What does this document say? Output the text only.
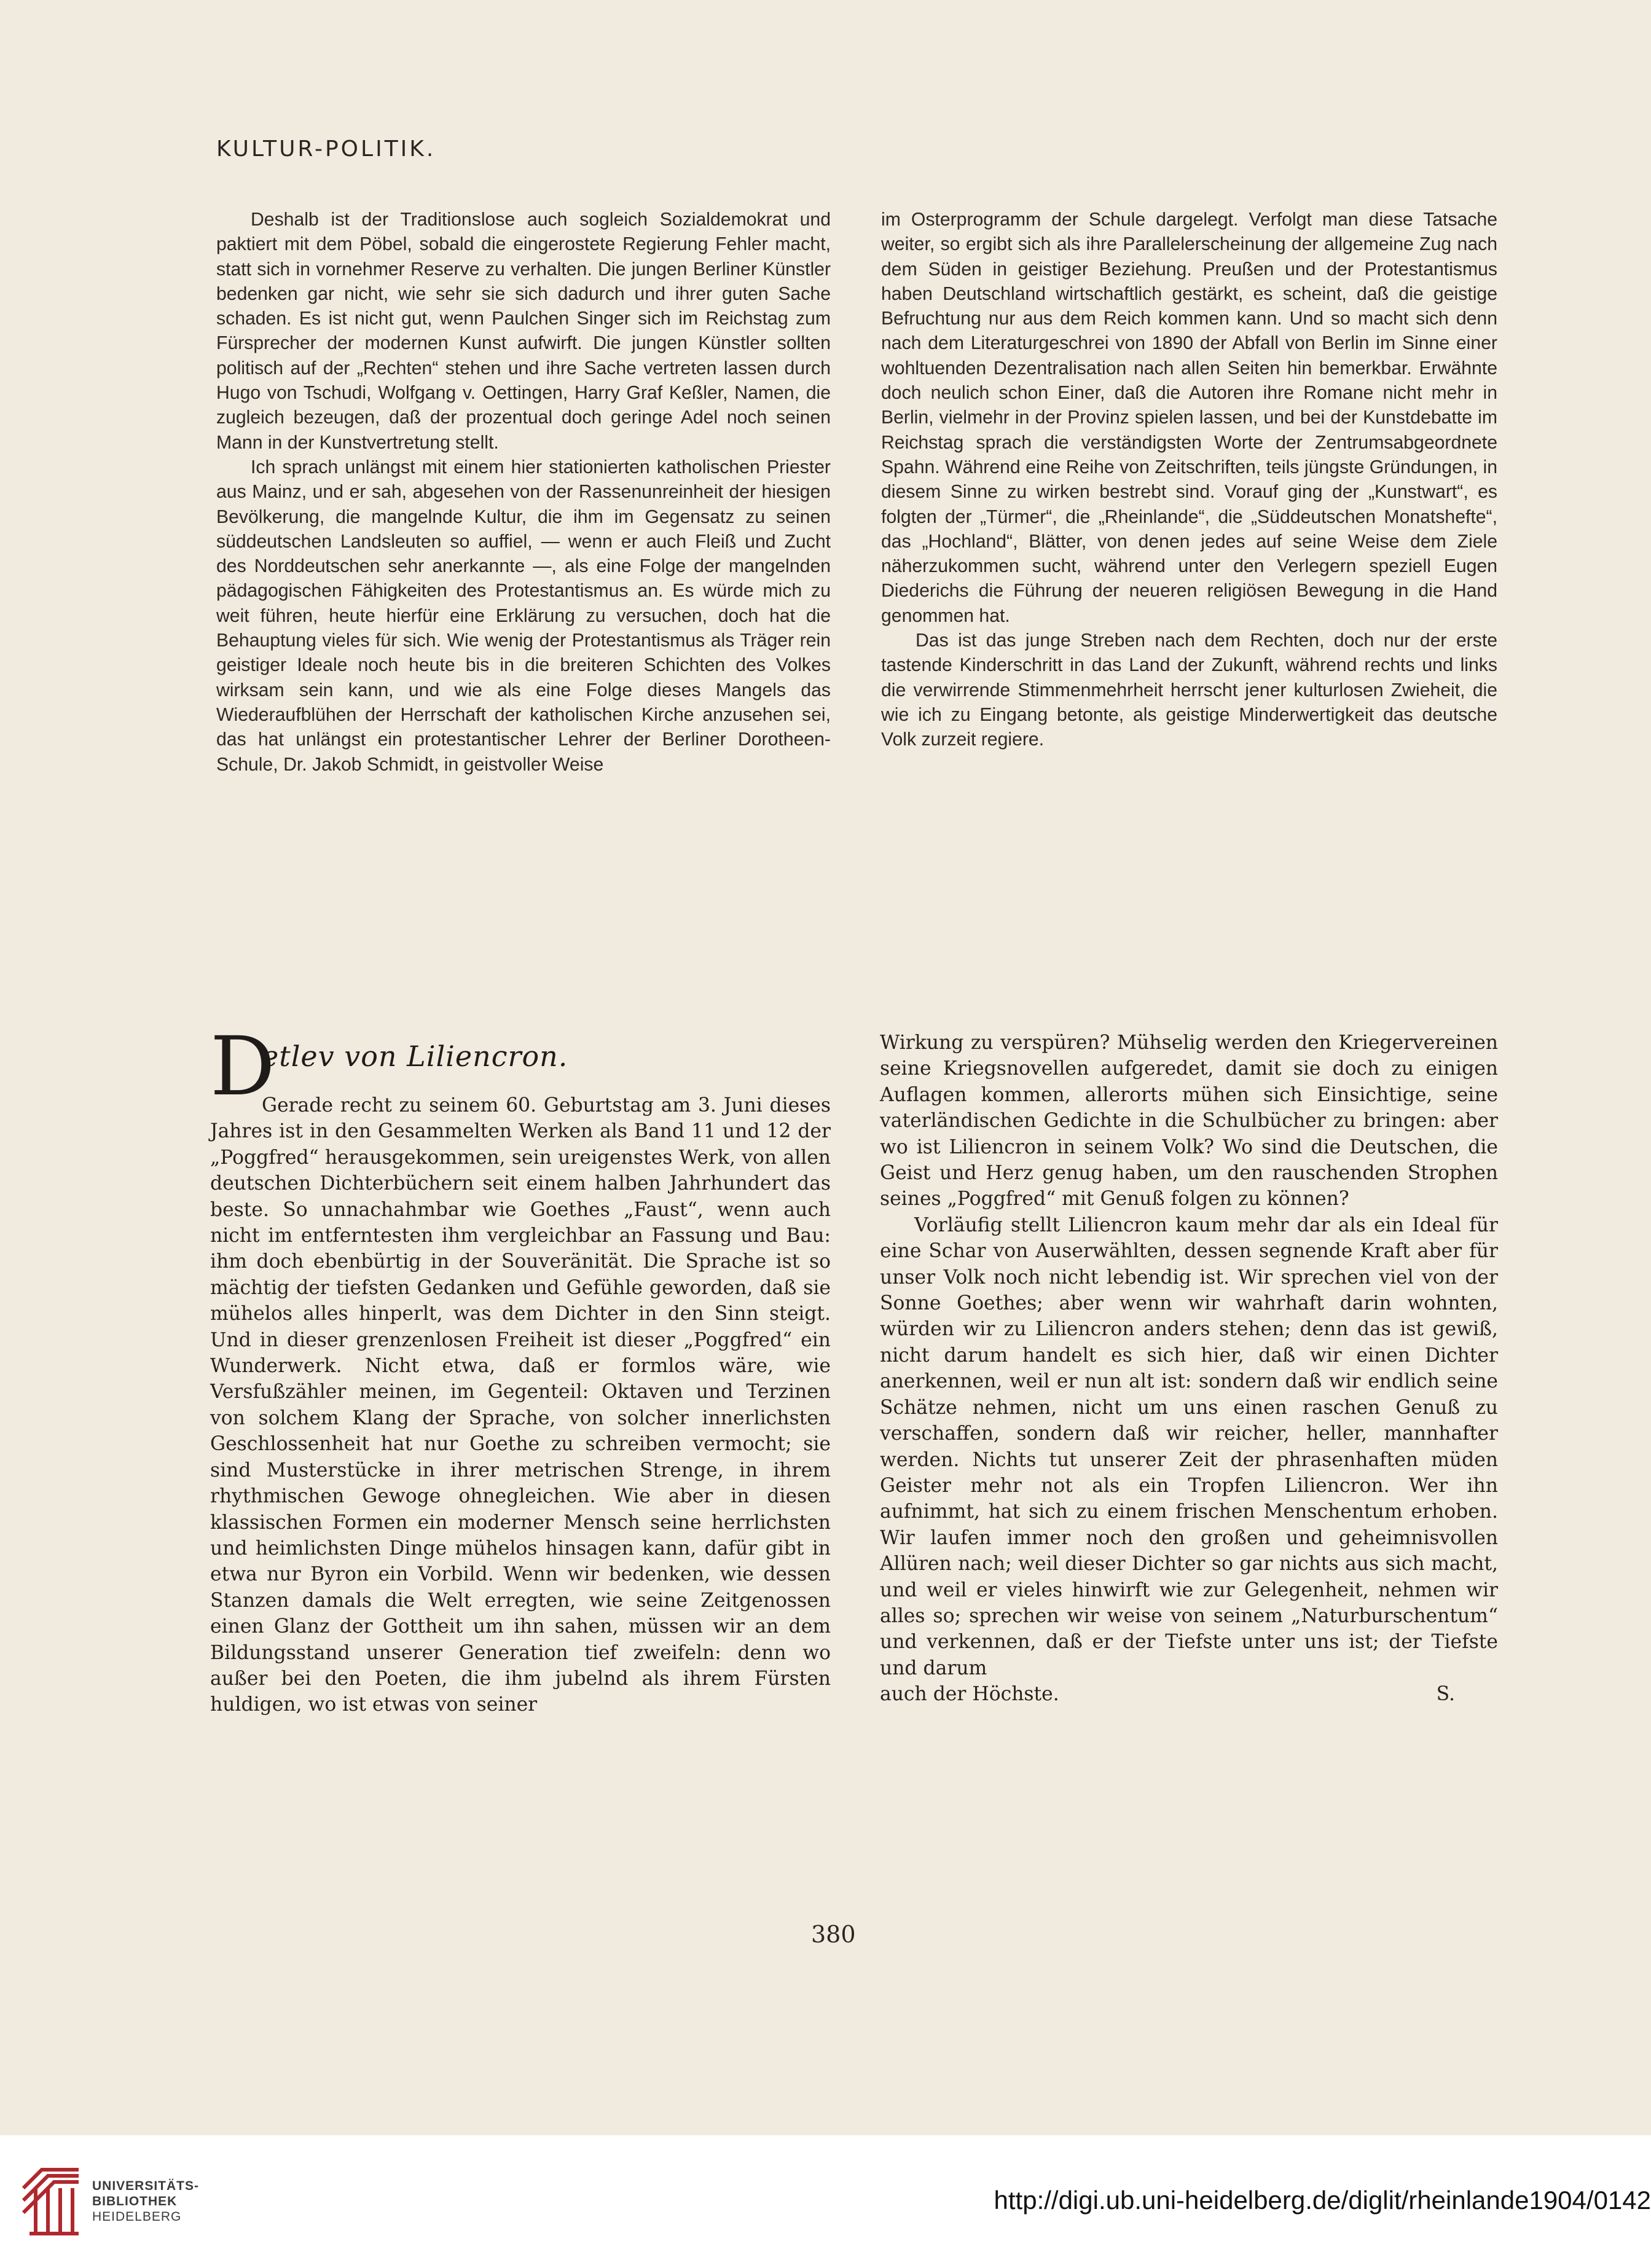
KULTUR-POLITIK.

Deshalb ist der Traditionslose auch sogleich Sozialdemokrat und paktiert mit dem Pöbel, sobald die eingerostete Regierung Fehler macht, statt sich in vornehmer Reserve zu verhalten. Die jungen Berliner Künstler bedenken gar nicht, wie sehr sie sich dadurch und ihrer guten Sache schaden. Es ist nicht gut, wenn Paulchen Singer sich im Reichstag zum Fürsprecher der modernen Kunst aufwirft. Die jungen Künstler sollten politisch auf der „Rechten“ stehen und ihre Sache vertreten lassen durch Hugo von Tschudi, Wolfgang v. Oettingen, Harry Graf Keßler, Namen, die zugleich bezeugen, daß der prozentual doch geringe Adel noch seinen Mann in der Kunstvertretung stellt.

Ich sprach unlängst mit einem hier stationierten katholischen Priester aus Mainz, und er sah, abgesehen von der Rassenunreinheit der hiesigen Bevölkerung, die mangelnde Kultur, die ihm im Gegensatz zu seinen süddeutschen Landsleuten so auffiel, — wenn er auch Fleiß und Zucht des Norddeutschen sehr anerkannte —, als eine Folge der mangelnden pädagogischen Fähigkeiten des Protestantismus an. Es würde mich zu weit führen, heute hierfür eine Erklärung zu versuchen, doch hat die Behauptung vieles für sich. Wie wenig der Protestantismus als Träger rein geistiger Ideale noch heute bis in die breiteren Schichten des Volkes wirksam sein kann, und wie als eine Folge dieses Mangels das Wiederaufblühen der Herrschaft der katholischen Kirche anzusehen sei, das hat unlängst ein protestantischer Lehrer der Berliner Dorotheen-Schule, Dr. Jakob Schmidt, in geistvoller Weise

im Osterprogramm der Schule dargelegt. Verfolgt man diese Tatsache weiter, so ergibt sich als ihre Parallelerscheinung der allgemeine Zug nach dem Süden in geistiger Beziehung. Preußen und der Protestantismus haben Deutschland wirtschaftlich gestärkt, es scheint, daß die geistige Befruchtung nur aus dem Reich kommen kann. Und so macht sich denn nach dem Literaturgeschrei von 1890 der Abfall von Berlin im Sinne einer wohltuenden Dezentralisation nach allen Seiten hin bemerkbar. Erwähnte doch neulich schon Einer, daß die Autoren ihre Romane nicht mehr in Berlin, vielmehr in der Provinz spielen lassen, und bei der Kunstdebatte im Reichstag sprach die verständigsten Worte der Zentrumsabgeordnete Spahn. Während eine Reihe von Zeitschriften, teils jüngste Gründungen, in diesem Sinne zu wirken bestrebt sind. Vorauf ging der „Kunstwart“, es folgten der „Türmer“, die „Rheinlande“, die „Süddeutschen Monatshefte“, das „Hochland“, Blätter, von denen jedes auf seine Weise dem Ziele näherzukommen sucht, während unter den Verlegern speziell Eugen Diederichs die Führung der neueren religiösen Bewegung in die Hand genommen hat.

Das ist das junge Streben nach dem Rechten, doch nur der erste tastende Kinderschritt in das Land der Zukunft, während rechts und links die verwirrende Stimmenmehrheit herrscht jener kulturlosen Zwieheit, die wie ich zu Eingang betonte, als geistige Minderwertigkeit das deutsche Volk zurzeit regiere.

D
etlev von Liliencron.

Gerade recht zu seinem 60. Geburtstag am 3. Juni dieses Jahres ist in den Gesammelten Werken als Band 11 und 12 der „Poggfred“ herausgekommen, sein ureigenstes Werk, von allen deutschen Dichterbüchern seit einem halben Jahrhundert das beste. So unnachahmbar wie Goethes „Faust“, wenn auch nicht im entferntesten ihm vergleichbar an Fassung und Bau: ihm doch ebenbürtig in der Souveränität. Die Sprache ist so mächtig der tiefsten Gedanken und Gefühle geworden, daß sie mühelos alles hinperlt, was dem Dichter in den Sinn steigt. Und in dieser grenzenlosen Freiheit ist dieser „Poggfred“ ein Wunderwerk. Nicht etwa, daß er formlos wäre, wie Versfußzähler meinen, im Gegenteil: Oktaven und Terzinen von solchem Klang der Sprache, von solcher innerlichsten Geschlossenheit hat nur Goethe zu schreiben vermocht; sie sind Musterstücke in ihrer metrischen Strenge, in ihrem rhythmischen Gewoge ohnegleichen. Wie aber in diesen klassischen Formen ein moderner Mensch seine herrlichsten und heimlichsten Dinge mühelos hinsagen kann, dafür gibt in etwa nur Byron ein Vorbild. Wenn wir bedenken, wie dessen Stanzen damals die Welt erregten, wie seine Zeitgenossen einen Glanz der Gottheit um ihn sahen, müssen wir an dem Bildungsstand unserer Generation tief zweifeln: denn wo außer bei den Poeten, die ihm jubelnd als ihrem Fürsten huldigen, wo ist etwas von seiner

Wirkung zu verspüren? Mühselig werden den Kriegervereinen seine Kriegsnovellen aufgeredet, damit sie doch zu einigen Auflagen kommen, allerorts mühen sich Einsichtige, seine vaterländischen Gedichte in die Schulbücher zu bringen: aber wo ist Liliencron in seinem Volk? Wo sind die Deutschen, die Geist und Herz genug haben, um den rauschenden Strophen seines „Poggfred“ mit Genuß folgen zu können?

Vorläufig stellt Liliencron kaum mehr dar als ein Ideal für eine Schar von Auserwählten, dessen segnende Kraft aber für unser Volk noch nicht lebendig ist. Wir sprechen viel von der Sonne Goethes; aber wenn wir wahrhaft darin wohnten, würden wir zu Liliencron anders stehen; denn das ist gewiß, nicht darum handelt es sich hier, daß wir einen Dichter anerkennen, weil er nun alt ist: sondern daß wir endlich seine Schätze nehmen, nicht um uns einen raschen Genuß zu verschaffen, sondern daß wir reicher, heller, mannhafter werden. Nichts tut unserer Zeit der phrasenhaften müden Geister mehr not als ein Tropfen Liliencron. Wer ihn aufnimmt, hat sich zu einem frischen Menschentum erhoben. Wir laufen immer noch den großen und geheimnisvollen Allüren nach; weil dieser Dichter so gar nichts aus sich macht, und weil er vieles hinwirft wie zur Gelegenheit, nehmen wir alles so; sprechen wir weise von seinem „Naturburschentum“ und verkennen, daß er der Tiefste unter uns ist; der Tiefste und darum

auch der Höchste.	S.
380
UNIVERSITÄTS-
BIBLIOTHEK
HEIDELBERG
http://digi.ub.uni-heidelberg.de/diglit/rheinlande1904/0142
